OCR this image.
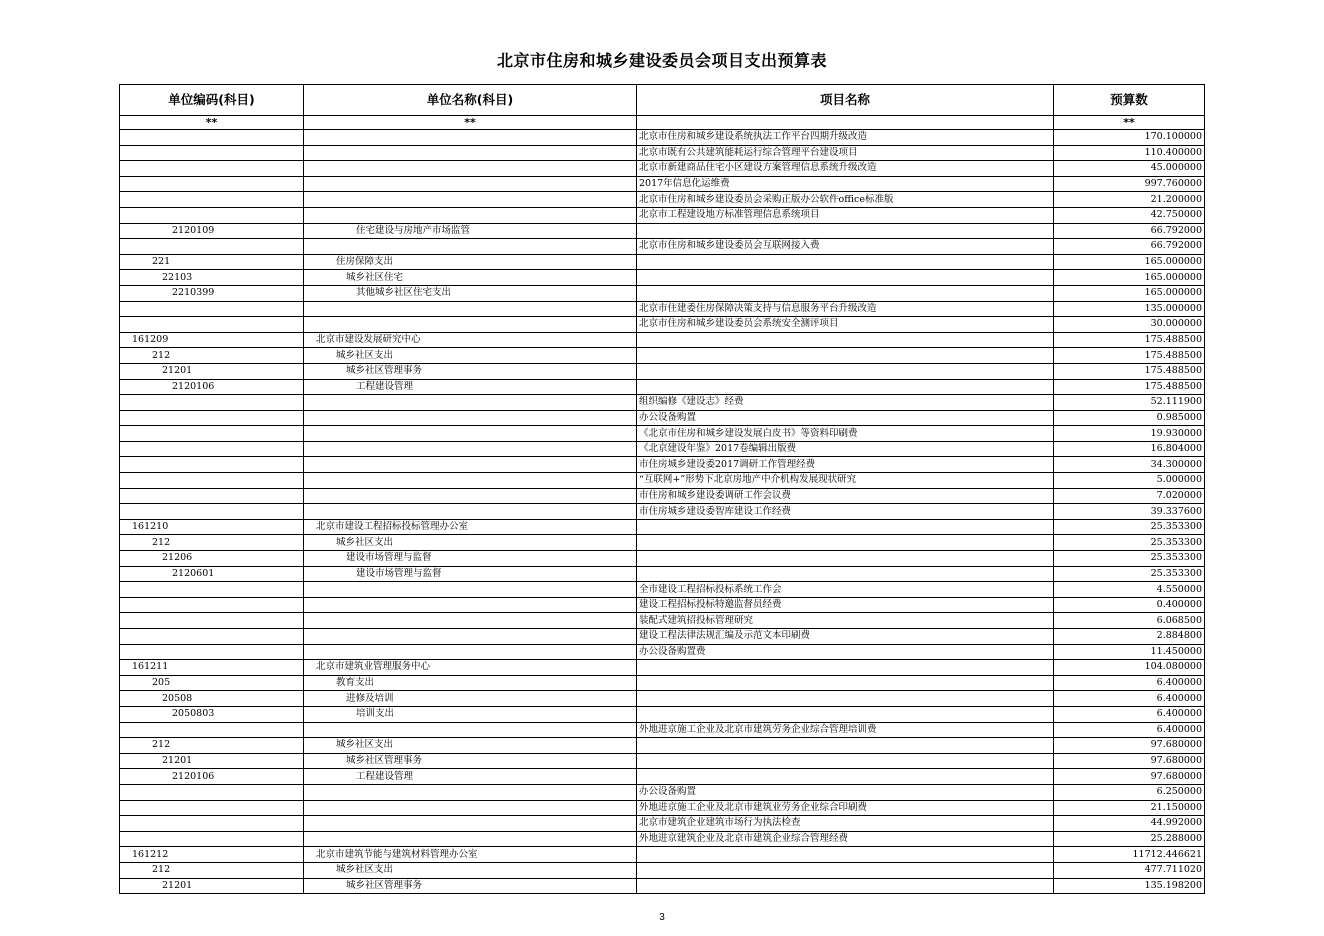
北京市住房和城乡建设委员会项目支出预算表
单位编码(科目)	单位名称(科目)	项目名称	预算数
**	**		**
		北京市住房和城乡建设系统执法工作平台四期升级改造	170.100000
		北京市既有公共建筑能耗运行综合管理平台建设项目	110.400000
		北京市新建商品住宅小区建设方案管理信息系统升级改造	45.000000
		2017年信息化运维费	997.760000
		北京市住房和城乡建设委员会采购正版办公软件office标准版	21.200000
		北京市工程建设地方标准管理信息系统项目	42.750000
2120109	住宅建设与房地产市场监管		66.792000
		北京市住房和城乡建设委员会互联网接入费	66.792000
221	住房保障支出		165.000000
22103	城乡社区住宅		165.000000
2210399	其他城乡社区住宅支出		165.000000
		北京市住建委住房保障决策支持与信息服务平台升级改造	135.000000
		北京市住房和城乡建设委员会系统安全测评项目	30.000000
161209	北京市建设发展研究中心		175.488500
212	城乡社区支出		175.488500
21201	城乡社区管理事务		175.488500
2120106	工程建设管理		175.488500
		组织编修《建设志》经费	52.111900
		办公设备购置	0.985000
		《北京市住房和城乡建设发展白皮书》等资料印刷费	19.930000
		《北京建设年鉴》2017卷编辑出版费	16.804000
		市住房城乡建设委2017调研工作管理经费	34.300000
		“互联网+”形势下北京房地产中介机构发展现状研究	5.000000
		市住房和城乡建设委调研工作会议费	7.020000
		市住房城乡建设委智库建设工作经费	39.337600
161210	北京市建设工程招标投标管理办公室		25.353300
212	城乡社区支出		25.353300
21206	建设市场管理与监督		25.353300
2120601	建设市场管理与监督		25.353300
		全市建设工程招标投标系统工作会	4.550000
		建设工程招标投标特邀监督员经费	0.400000
		装配式建筑招投标管理研究	6.068500
		建设工程法律法规汇编及示范文本印刷费	2.884800
		办公设备购置费	11.450000
161211	北京市建筑业管理服务中心		104.080000
205	教育支出		6.400000
20508	进修及培训		6.400000
2050803	培训支出		6.400000
		外地进京施工企业及北京市建筑劳务企业综合管理培训费	6.400000
212	城乡社区支出		97.680000
21201	城乡社区管理事务		97.680000
2120106	工程建设管理		97.680000
		办公设备购置	6.250000
		外地进京施工企业及北京市建筑业劳务企业综合印刷费	21.150000
		北京市建筑企业建筑市场行为执法检查	44.992000
		外地进京建筑企业及北京市建筑企业综合管理经费	25.288000
161212	北京市建筑节能与建筑材料管理办公室		11712.446621
212	城乡社区支出		477.711020
21201	城乡社区管理事务		135.198200
3
